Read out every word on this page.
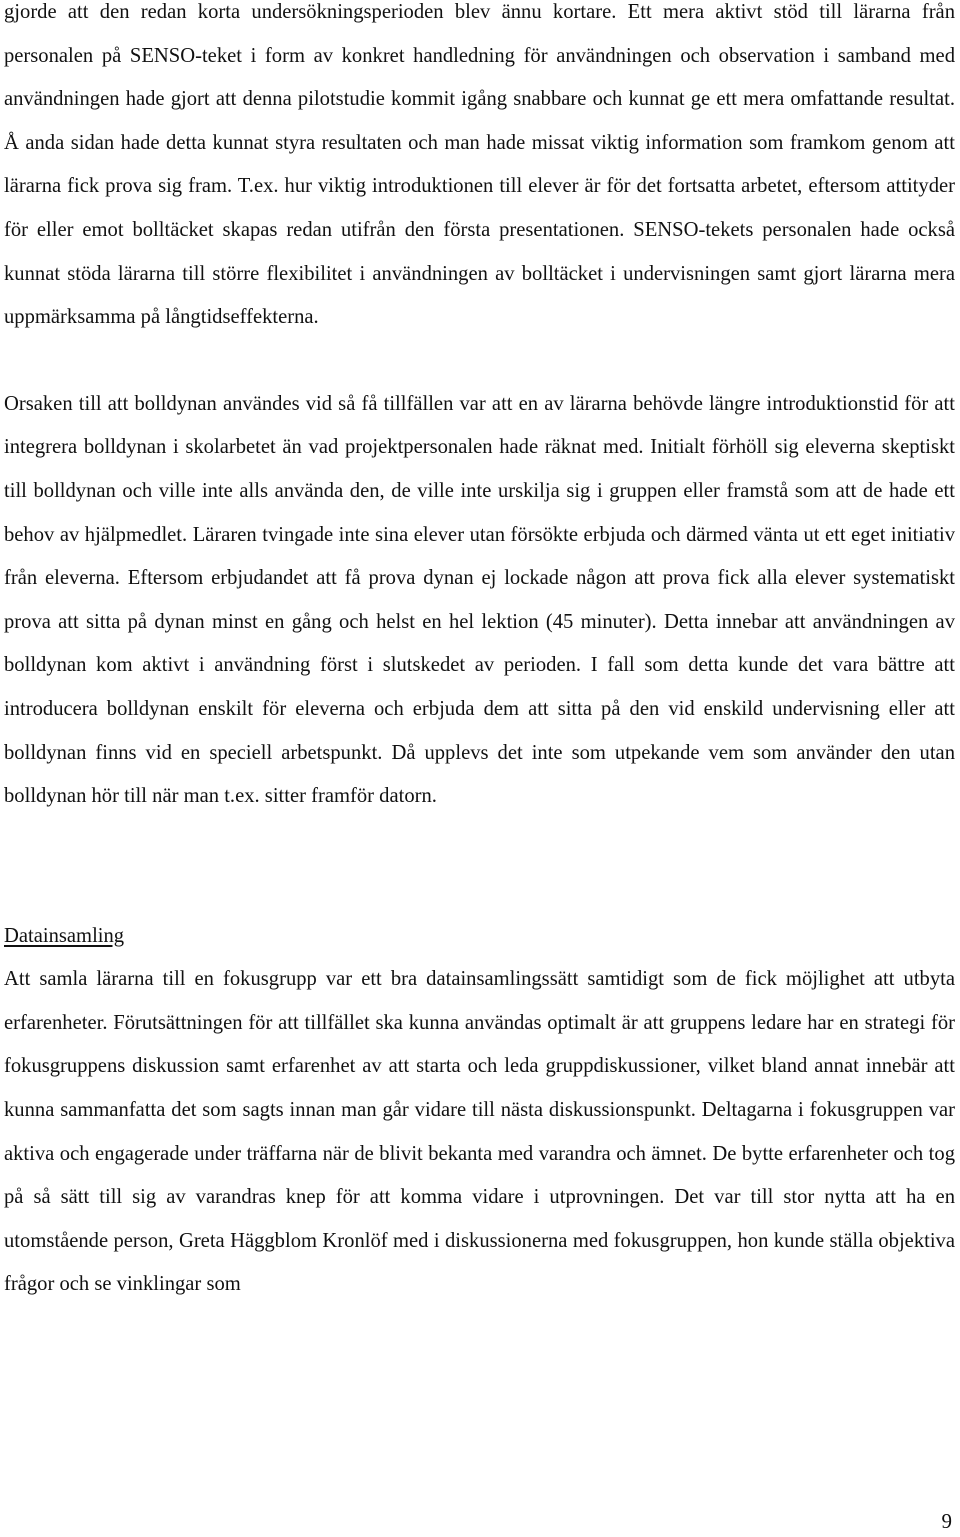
gjorde att den redan korta undersökningsperioden blev ännu kortare. Ett mera aktivt stöd till lärarna från personalen på SENSO-teket i form av konkret handledning för användningen och observation i samband med användningen hade gjort att denna pilotstudie kommit igång snabbare och kunnat ge ett mera omfattande resultat. Å anda sidan hade detta kunnat styra resultaten och man hade missat viktig information som framkom genom att lärarna fick prova sig fram. T.ex. hur viktig introduktionen till elever är för det fortsatta arbetet, eftersom attityder för eller emot bolltäcket skapas redan utifrån den första presentationen. SENSO-tekets personalen hade också kunnat stöda lärarna till större flexibilitet i användningen av bolltäcket i undervisningen samt gjort lärarna mera uppmärksamma på långtidseffekterna.

Orsaken till att bolldynan användes vid så få tillfällen var att en av lärarna behövde längre introduktionstid för att integrera bolldynan i skolarbetet än vad projektpersonalen hade räknat med. Initialt förhöll sig eleverna skeptiskt till bolldynan och ville inte alls använda den, de ville inte urskilja sig i gruppen eller framstå som att de hade ett behov av hjälpmedlet. Läraren tvingade inte sina elever utan försökte erbjuda och därmed vänta ut ett eget initiativ från eleverna. Eftersom erbjudandet att få prova dynan ej lockade någon att prova fick alla elever systematiskt prova att sitta på dynan minst en gång och helst en hel lektion (45 minuter). Detta innebar att användningen av bolldynan kom aktivt i användning först i slutskedet av perioden. I fall som detta kunde det vara bättre att introducera bolldynan enskilt för eleverna och erbjuda dem att sitta på den vid enskild undervisning eller att bolldynan finns vid en speciell arbetspunkt. Då upplevs det inte som utpekande vem som använder den utan bolldynan hör till när man t.ex. sitter framför datorn.

Datainsamling

Att samla lärarna till en fokusgrupp var ett bra datainsamlingssätt samtidigt som de fick möjlighet att utbyta erfarenheter. Förutsättningen för att tillfället ska kunna användas optimalt är att gruppens ledare har en strategi för fokusgruppens diskussion samt erfarenhet av att starta och leda gruppdiskussioner, vilket bland annat innebär att kunna sammanfatta det som sagts innan man går vidare till nästa diskussionspunkt. Deltagarna i fokusgruppen var aktiva och engagerade under träffarna när de blivit bekanta med varandra och ämnet. De bytte erfarenheter och tog på så sätt till sig av varandras knep för att komma vidare i utprovningen. Det var till stor nytta att ha en utomstående person, Greta Häggblom Kronlöf med i diskussionerna med fokusgruppen, hon kunde ställa objektiva frågor och se vinklingar som

9
